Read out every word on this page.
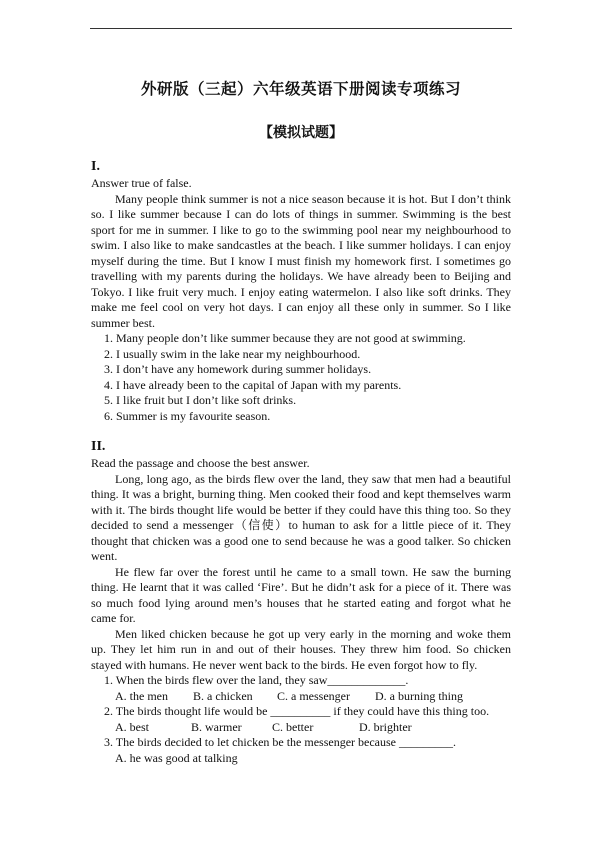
外研版（三起）六年级英语下册阅读专项练习
【模拟试题】
I.

Answer true of false.

Many people think summer is not a nice season because it is hot. But I don’t think so. I like summer because I can do lots of things in summer. Swimming is the best sport for me in summer. I like to go to the swimming pool near my neighbourhood to swim. I also like to make sandcastles at the beach. I like summer holidays. I can enjoy myself during the time. But I know I must finish my homework first. I sometimes go travelling with my parents during the holidays. We have already been to Beijing and Tokyo. I like fruit very much. I enjoy eating watermelon. I also like soft drinks. They make me feel cool on very hot days. I can enjoy all these only in summer. So I like summer best.

1. Many people don’t like summer because they are not good at swimming.

2. I usually swim in the lake near my neighbourhood.

3. I don’t have any homework during summer holidays.

4. I have already been to the capital of Japan with my parents.

5. I like fruit but I don’t like soft drinks.

6. Summer is my favourite season.

II.

Read the passage and choose the best answer.

Long, long ago, as the birds flew over the land, they saw that men had a beautiful thing. It was a bright, burning thing. Men cooked their food and kept themselves warm with it. The birds thought life would be better if they could have this thing too. So they decided to send a messenger（信使）to human to ask for a little piece of it. They thought that chicken was a good one to send because he was a good talker. So chicken went.

He flew far over the forest until he came to a small town. He saw the burning thing. He learnt that it was called ‘Fire’. But he didn’t ask for a piece of it. There was so much food lying around men’s houses that he started eating and forgot what he came for.

Men liked chicken because he got up very early in the morning and woke them up. They let him run in and out of their houses. They threw him food. So chicken stayed with humans. He never went back to the birds. He even forgot how to fly.

1. When the birds flew over the land, they saw_____________.

A. the men B. a chicken C. a messenger D. a burning thing

2. The birds thought life would be __________ if they could have this thing too.

A. best	B. warmer	C. better	D. brighter

3. The birds decided to let chicken be the messenger because _________.

A. he was good at talking
